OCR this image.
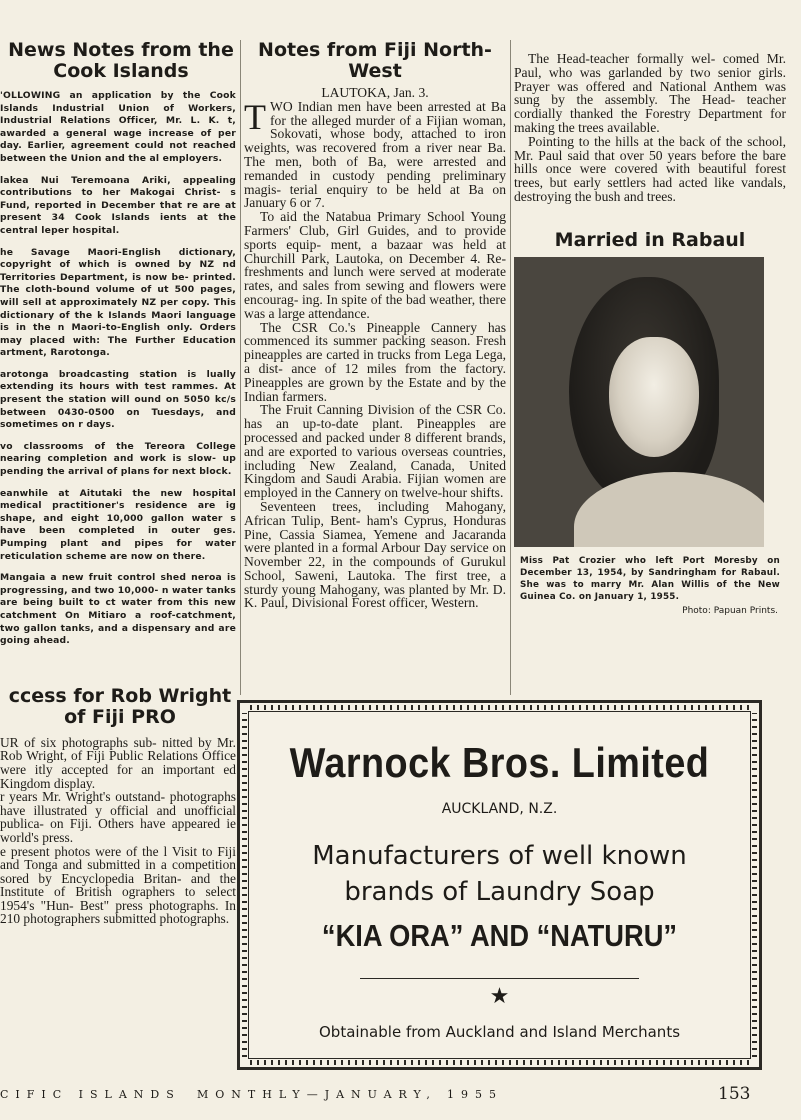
News Notes from the Cook Islands

'OLLOWING an application by the Cook Islands Industrial Union of Workers, Industrial Relations Officer, Mr. L. K. t, awarded a general wage increase of per day. Earlier, agreement could not reached between the Union and the al employers.

lakea Nui Teremoana Ariki, appealing contributions to her Makogai Christ- s Fund, reported in December that re are at present 34 Cook Islands ients at the central leper hospital.

he Savage Maori-English dictionary, copyright of which is owned by NZ nd Territories Department, is now be- printed. The cloth-bound volume of ut 500 pages, will sell at approximately NZ per copy. This dictionary of the k Islands Maori language is in the n Maori-to-English only. Orders may placed with: The Further Education artment, Rarotonga.

arotonga broadcasting station is lually extending its hours with test rammes. At present the station will ound on 5050 kc/s between 0430-0500 on Tuesdays, and sometimes on r days.

vo classrooms of the Tereora College nearing completion and work is slow- up pending the arrival of plans for next block.

eanwhile at Aitutaki the new hospital medical practitioner's residence are ig shape, and eight 10,000 gallon water s have been completed in outer ges. Pumping plant and pipes for water reticulation scheme are now on there.

Mangaia a new fruit control shed neroa is progressing, and two 10,000- n water tanks are being built to ct water from this new catchment On Mitiaro a roof-catchment, two gallon tanks, and a dispensary and are going ahead.

ccess for Rob Wright of Fiji PRO

UR of six photographs sub- nitted by Mr. Rob Wright, of Fiji Public Relations Office were itly accepted for an important ed Kingdom display.

r years Mr. Wright's outstand- photographs have illustrated y official and unofficial publica- on Fiji. Others have appeared ie world's press.

e present photos were of the l Visit to Fiji and Tonga and submitted in a competition sored by Encyclopedia Britan- and the Institute of British ographers to select 1954's "Hun- Best" press photographs. In 210 photographers submitted photographs.

Notes from Fiji North-West

LAUTOKA, Jan. 3.

TWO Indian men have been arrested at Ba for the alleged murder of a Fijian woman, Sokovati, whose body, attached to iron weights, was recovered from a river near Ba. The men, both of Ba, were arrested and remanded in custody pending preliminary magis- terial enquiry to be held at Ba on January 6 or 7.

To aid the Natabua Primary School Young Farmers' Club, Girl Guides, and to provide sports equip- ment, a bazaar was held at Churchill Park, Lautoka, on December 4. Re- freshments and lunch were served at moderate rates, and sales from sewing and flowers were encourag- ing. In spite of the bad weather, there was a large attendance.

The CSR Co.'s Pineapple Cannery has commenced its summer packing season. Fresh pineapples are carted in trucks from Lega Lega, a dist- ance of 12 miles from the factory. Pineapples are grown by the Estate and by the Indian farmers.

The Fruit Canning Division of the CSR Co. has an up-to-date plant. Pineapples are processed and packed under 8 different brands, and are exported to various overseas countries, including New Zealand, Canada, United Kingdom and Saudi Arabia. Fijian women are employed in the Cannery on twelve-hour shifts.

Seventeen trees, including Mahogany, African Tulip, Bent- ham's Cyprus, Honduras Pine, Cassia Siamea, Yemene and Jacaranda were planted in a formal Arbour Day service on November 22, in the compounds of Gurukul School, Saweni, Lautoka. The first tree, a sturdy young Mahogany, was planted by Mr. D. K. Paul, Divisional Forest officer, Western.

The Head-teacher formally wel- comed Mr. Paul, who was garlanded by two senior girls. Prayer was offered and National Anthem was sung by the assembly. The Head- teacher cordially thanked the Forestry Department for making the trees available.

Pointing to the hills at the back of the school, Mr. Paul said that over 50 years before the bare hills once were covered with beautiful forest trees, but early settlers had acted like vandals, destroying the bush and trees.

Married in Rabaul
Miss Pat Crozier who left Port Moresby on December 13, 1954, by Sandringham for Rabaul. She was to marry Mr. Alan Willis of the New Guinea Co. on January 1, 1955.
Photo: Papuan Prints.
Warnock Bros. Limited
AUCKLAND, N.Z.
Manufacturers of well known
brands of Laundry Soap
“KIA ORA” AND “NATURU”
★
Obtainable from Auckland and Island Merchants
CIFIC ISLANDS MONTHLY—JANUARY, 1955	153
